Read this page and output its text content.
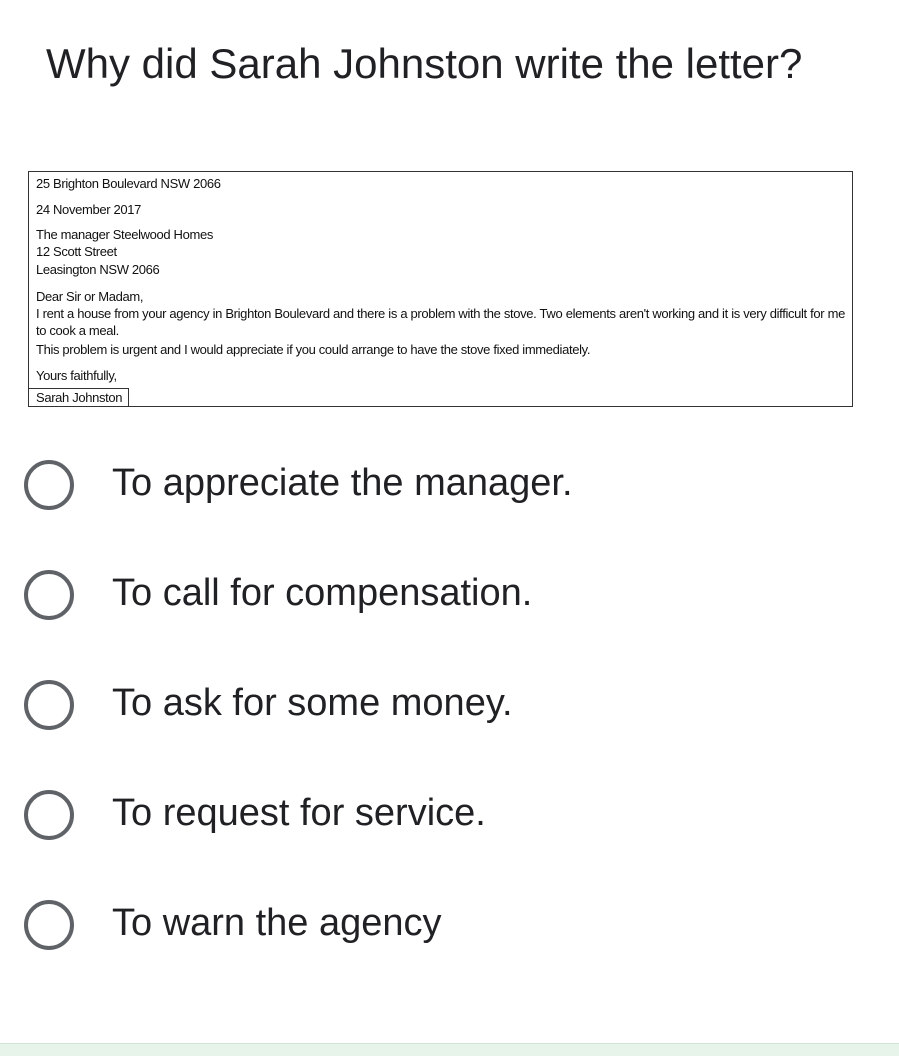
Why did Sarah Johnston write the letter?
25 Brighton Boulevard NSW 2066
24 November 2017
The manager Steelwood Homes
12 Scott Street
Leasington NSW 2066
Dear Sir or Madam,
I rent a house from your agency in Brighton Boulevard and there is a problem with the stove. Two elements aren't working and it is very difficult for me to cook a meal.
This problem is urgent and I would appreciate if you could arrange to have the stove fixed immediately.
Yours faithfully,
Sarah Johnston
To appreciate the manager.
To call for compensation.
To ask for some money.
To request for service.
To warn the agency
